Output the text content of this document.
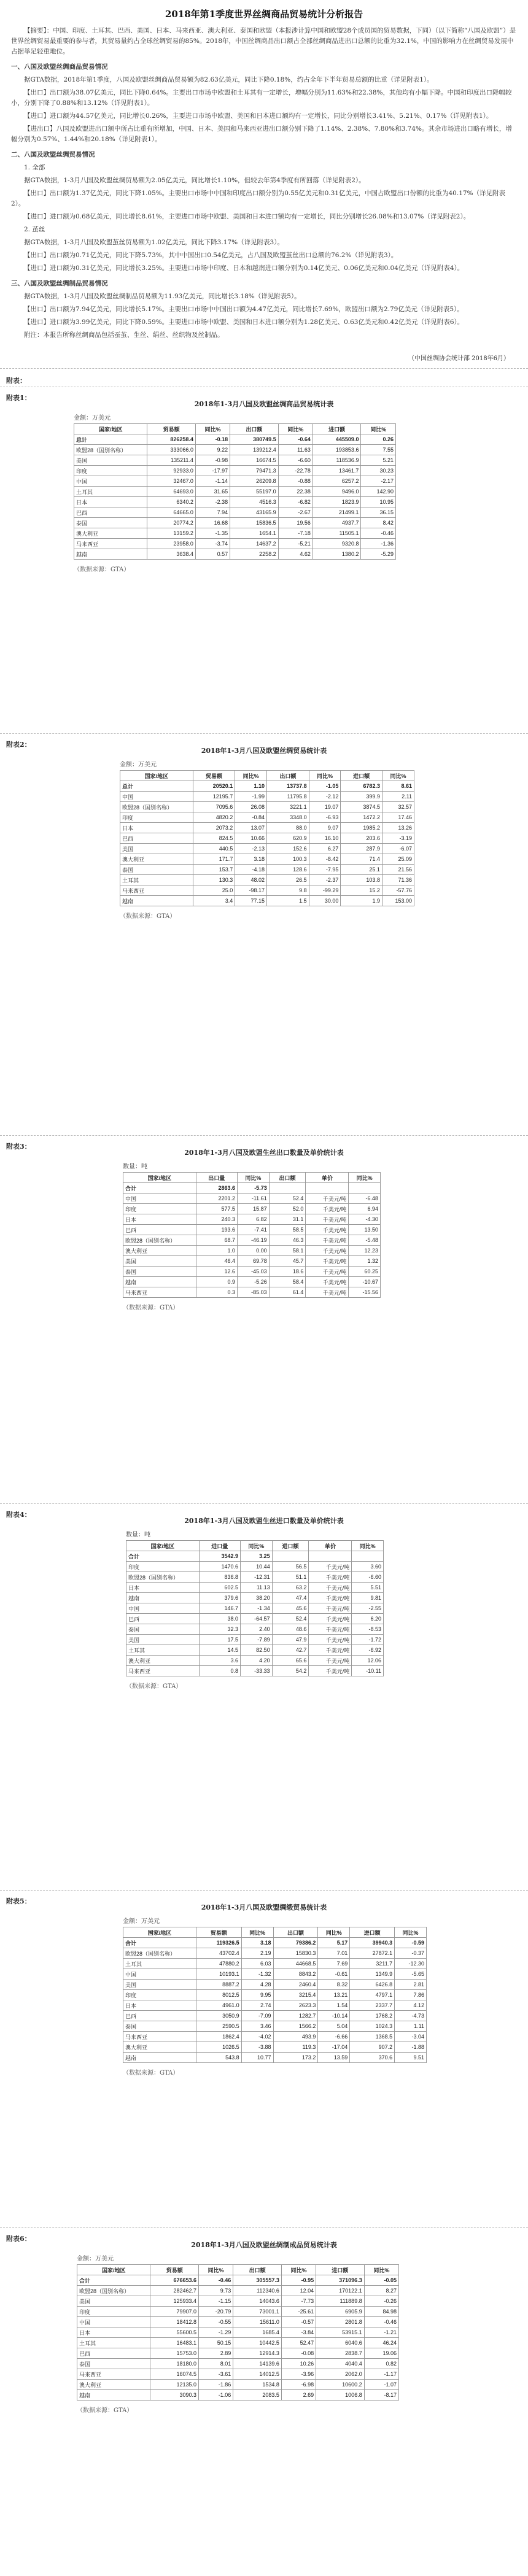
2018年第1季度世界丝绸商品贸易统计分析报告

【摘要】：中国、印度、土耳其、巴西、美国、日本、马来西亚、澳大利亚、泰国和欧盟（本报涉计算中国和欧盟28个成员国的贸易数据，下同）（以下简称“八国及欧盟”）是世界丝绸贸易最重要的参与者，其贸易量约占全球丝绸贸易的85%。2018年，中国丝绸商品出口额占全部丝绸商品进出口总额的比重为32.1%，中国的影响力在丝绸贸易发展中占据举足轻重地位。

一、八国及欧盟丝绸商品贸易情况

据GTA数据，2018年第1季度，八国及欧盟丝绸商品贸易额为82.63亿美元，同比下降0.18%，约占全年下半年贸易总额的比重（详见附表1）。

【出口】出口额为38.07亿美元，同比下降0.64%。主要出口市场中欧盟和土耳其有一定增长，增幅分别为11.63%和22.38%，其他均有小幅下降。中国和印度出口降幅较小，分别下降了0.88%和13.12%（详见附表1）。

【进口】进口额为44.57亿美元，同比增长0.26%，主要进口市场中欧盟、美国和日本进口额均有一定增长，同比分别增长3.41%、5.21%、0.17%（详见附表1）。

【进出口】八国及欧盟进出口额中所占比重有所增加，中国、日本、美国和马来西亚进出口额分别下降了1.14%、2.38%、7.80%和3.74%。其余市场进出口略有增长，增幅分别为0.57%、1.44%和20.18%（详见附表1）。

二、八国及欧盟丝绸贸易情况

1. 全部

据GTA数据，1-3月八国及欧盟丝绸贸易额为2.05亿美元，同比增长1.10%，但较去年第4季度有所回落（详见附表2）。

【出口】出口额为1.37亿美元，同比下降1.05%。主要出口市场中中国和印度出口额分别为0.55亿美元和0.31亿美元，中国占欧盟出口份额的比重为40.17%（详见附表2）。

【进口】进口额为0.68亿美元，同比增长8.61%，主要进口市场中欧盟、美国和日本进口额均有一定增长，同比分别增长26.08%和13.07%（详见附表2）。

2. 茧丝

据GTA数据，1-3月八国及欧盟茧丝贸易额为1.02亿美元，同比下降3.17%（详见附表3）。

【出口】出口额为0.71亿美元，同比下降5.73%，其中中国出口0.54亿美元，占八国及欧盟茧丝出口总额的76.2%（详见附表3）。

【进口】进口额为0.31亿美元，同比增长3.25%。主要进口市场中印度、日本和越南进口额分别为0.14亿美元、0.06亿美元和0.04亿美元（详见附表4）。

三、八国及欧盟丝绸制品贸易情况

据GTA数据，1-3月八国及欧盟丝绸制品贸易额为11.93亿美元，同比增长3.18%（详见附表5）。

【出口】出口额为7.94亿美元，同比增长5.17%。主要出口市场中中国出口额为4.47亿美元，同比增长7.69%，欧盟出口额为2.79亿美元（详见附表5）。

【进口】进口额为3.99亿美元，同比下降0.59%。主要进口市场中欧盟、美国和日本进口额分别为1.28亿美元、0.63亿美元和0.42亿美元（详见附表6）。

附注：本报告所称丝绸商品包括蚕茧、生丝、绢丝、丝织物及丝制品。

（中国丝绸协会统计部 2018年6月）
附表：
附表1：
2018年1-3月八国及欧盟丝绸商品贸易统计表
金额：万美元
国家/地区	贸易额	同比%	出口额	同比%	进口额	同比%
总计	826258.4	-0.18	380749.5	-0.64	445509.0	0.26
欧盟28（国别名称）	333066.0	9.22	139212.4	11.63	193853.6	7.55
美国	135211.4	-0.98	16674.5	-6.60	118536.9	5.21
印度	92933.0	-17.97	79471.3	-22.78	13461.7	30.23
中国	32467.0	-1.14	26209.8	-0.88	6257.2	-2.17
土耳其	64693.0	31.65	55197.0	22.38	9496.0	142.90
日本	6340.2	-2.38	4516.3	-6.82	1823.9	10.95
巴西	64665.0	7.94	43165.9	-2.67	21499.1	36.15
泰国	20774.2	16.68	15836.5	19.56	4937.7	8.42
澳大利亚	13159.2	-1.35	1654.1	-7.18	11505.1	-0.46
马来西亚	23958.0	-3.74	14637.2	-5.21	9320.8	-1.36
越南	3638.4	0.57	2258.2	4.62	1380.2	-5.29
（数据来源：GTA）
附表2：
2018年1-3月八国及欧盟丝绸贸易统计表
金额：万美元
国家/地区	贸易额	同比%	出口额	同比%	进口额	同比%
总计	20520.1	1.10	13737.8	-1.05	6782.3	8.61
中国	12195.7	-1.99	11795.8	-2.12	399.9	2.11
欧盟28（国别名称）	7095.6	26.08	3221.1	19.07	3874.5	32.57
印度	4820.2	-0.84	3348.0	-6.93	1472.2	17.46
日本	2073.2	13.07	88.0	9.07	1985.2	13.26
巴西	824.5	10.66	620.9	16.10	203.6	-3.19
美国	440.5	-2.13	152.6	6.27	287.9	-6.07
澳大利亚	171.7	3.18	100.3	-8.42	71.4	25.09
泰国	153.7	-4.18	128.6	-7.95	25.1	21.56
土耳其	130.3	48.02	26.5	-2.37	103.8	71.36
马来西亚	25.0	-98.17	9.8	-99.29	15.2	-57.76
越南	3.4	77.15	1.5	30.00	1.9	153.00
（数据来源：GTA）
附表3：
2018年1-3月八国及欧盟生丝出口数量及单价统计表
数量：吨
国家/地区	出口量	同比%	出口额	单价	同比%
合计	2863.6	-5.73			
中国	2201.2	-11.61	52.4	千美元/吨	-6.48
印度	577.5	15.87	52.0	千美元/吨	6.94
日本	240.3	6.82	31.1	千美元/吨	-4.30
巴西	193.6	-7.41	58.5	千美元/吨	13.50
欧盟28（国别名称）	68.7	-46.19	46.3	千美元/吨	-5.48
澳大利亚	1.0	0.00	58.1	千美元/吨	12.23
美国	46.4	69.78	45.7	千美元/吨	1.32
泰国	12.6	-45.03	18.6	千美元/吨	60.25
越南	0.9	-5.26	58.4	千美元/吨	-10.67
马来西亚	0.3	-85.03	61.4	千美元/吨	-15.56
（数据来源：GTA）
附表4：
2018年1-3月八国及欧盟生丝进口数量及单价统计表
数量：吨
国家/地区	进口量	同比%	进口额	单价	同比%
合计	3542.9	3.25			
印度	1470.6	10.44	56.5	千美元/吨	3.60
欧盟28（国别名称）	836.8	-12.31	51.1	千美元/吨	-6.60
日本	602.5	11.13	63.2	千美元/吨	5.51
越南	379.6	38.20	47.4	千美元/吨	9.81
中国	146.7	-1.34	45.6	千美元/吨	-2.55
巴西	38.0	-64.57	52.4	千美元/吨	6.20
泰国	32.3	2.40	48.6	千美元/吨	-8.53
美国	17.5	-7.89	47.9	千美元/吨	-1.72
土耳其	14.5	82.50	42.7	千美元/吨	-6.92
澳大利亚	3.6	4.20	65.6	千美元/吨	12.06
马来西亚	0.8	-33.33	54.2	千美元/吨	-10.11
（数据来源：GTA）
附表5：
2018年1-3月八国及欧盟绸缎贸易统计表
金额：万美元
国家/地区	贸易额	同比%	出口额	同比%	进口额	同比%
合计	119326.5	3.18	79386.2	5.17	39940.3	-0.59
欧盟28（国别名称）	43702.4	2.19	15830.3	7.01	27872.1	-0.37
土耳其	47880.2	6.03	44668.5	7.69	3211.7	-12.30
中国	10193.1	-1.32	8843.2	-0.61	1349.9	-5.65
美国	8887.2	4.28	2460.4	8.32	6426.8	2.81
印度	8012.5	9.95	3215.4	13.21	4797.1	7.86
日本	4961.0	2.74	2623.3	1.54	2337.7	4.12
巴西	3050.9	-7.09	1282.7	-10.14	1768.2	-4.73
泰国	2590.5	3.46	1566.2	5.04	1024.3	1.11
马来西亚	1862.4	-4.02	493.9	-6.66	1368.5	-3.04
澳大利亚	1026.5	-3.88	119.3	-17.04	907.2	-1.88
越南	543.8	10.77	173.2	13.59	370.6	9.51
（数据来源：GTA）
附表6：
2018年1-3月八国及欧盟丝绸制成品贸易统计表
金额：万美元
国家/地区	贸易额	同比%	出口额	同比%	进口额	同比%
合计	676653.6	-0.46	305557.3	-0.95	371096.3	-0.05
欧盟28（国别名称）	282462.7	9.73	112340.6	12.04	170122.1	8.27
美国	125933.4	-1.15	14043.6	-7.73	111889.8	-0.26
印度	79907.0	-20.79	73001.1	-25.61	6905.9	84.98
中国	18412.8	-0.55	15611.0	-0.57	2801.8	-0.46
日本	55600.5	-1.29	1685.4	-3.84	53915.1	-1.21
土耳其	16483.1	50.15	10442.5	52.47	6040.6	46.24
巴西	15753.0	2.89	12914.3	-0.08	2838.7	19.06
泰国	18180.0	8.01	14139.6	10.26	4040.4	0.82
马来西亚	16074.5	-3.61	14012.5	-3.96	2062.0	-1.17
澳大利亚	12135.0	-1.86	1534.8	-6.98	10600.2	-1.07
越南	3090.3	-1.06	2083.5	2.69	1006.8	-8.17
（数据来源：GTA）
